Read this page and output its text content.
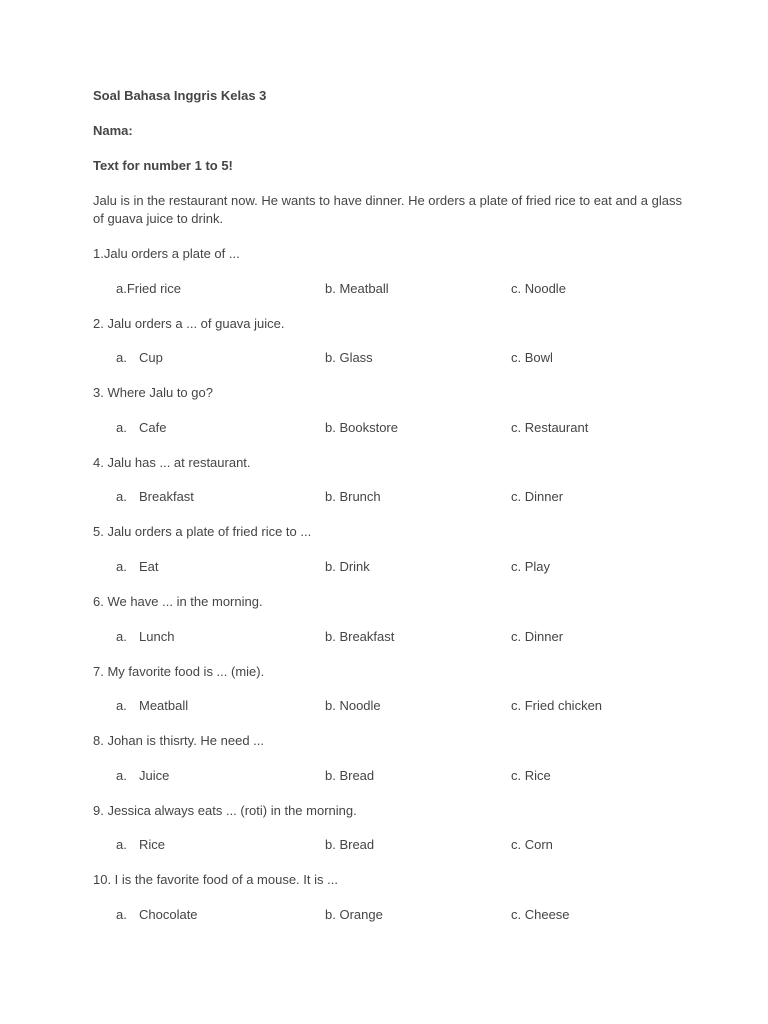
Soal Bahasa Inggris Kelas 3
Nama:
Text for number 1 to 5!
Jalu is in the restaurant now. He wants to have dinner. He orders a plate of fried rice to eat and a glass of guava juice to drink.
1.Jalu orders a plate of ...
a.Fried rice	b. Meatball	c. Noodle
2. Jalu orders a ... of guava juice.
a. Cup	b. Glass	c. Bowl
3. Where Jalu to go?
a. Cafe	b. Bookstore	c. Restaurant
4. Jalu has ... at restaurant.
a. Breakfast	b. Brunch	c. Dinner
5. Jalu orders a plate of fried rice to ...
a. Eat	b. Drink	c. Play
6. We have ... in the morning.
a. Lunch	b. Breakfast	c. Dinner
7. My favorite food is ... (mie).
a. Meatball	b. Noodle	c. Fried chicken
8. Johan is thisrty. He need ...
a. Juice	b. Bread	c. Rice
9. Jessica always eats ... (roti) in the morning.
a. Rice	b. Bread	c. Corn
10. I is the favorite food of a mouse. It is ...
a. Chocolate	b. Orange	c. Cheese
